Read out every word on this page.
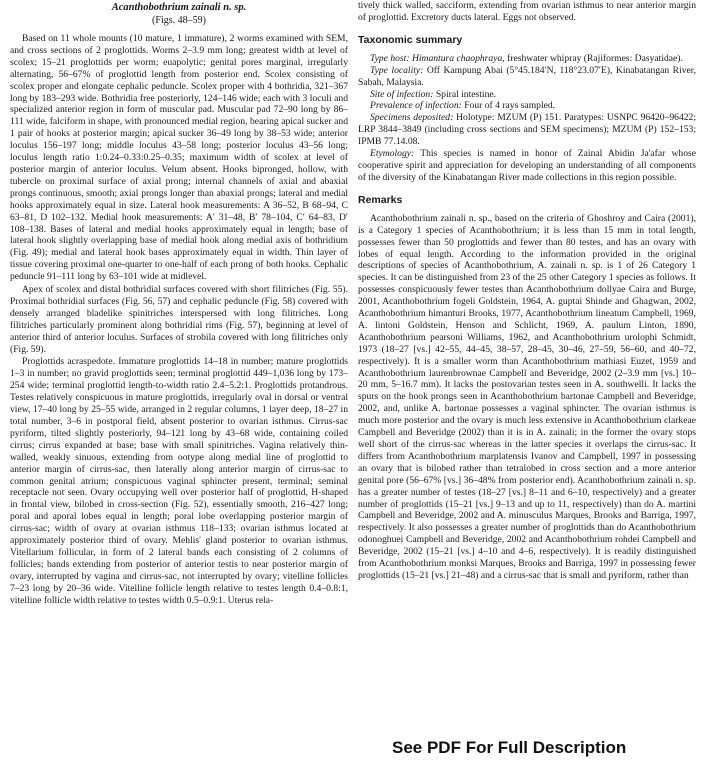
Acanthobothrium zainali n. sp.
(Figs. 48–59)

Based on 11 whole mounts (10 mature, 1 immature), 2 worms examined with SEM, and cross sections of 2 proglottids. Worms 2–3.9 mm long; greatest width at level of scolex; 15–21 proglottids per worm; euapolytic; genital pores marginal, irregularly alternating, 56–67% of proglottid length from posterior end. Scolex consisting of scolex proper and elongate cephalic peduncle. Scolex proper with 4 bothridia, 321–367 long by 183–293 wide. Bothridia free posteriorly, 124–146 wide; each with 3 loculi and specialized anterior region in form of muscular pad. Muscular pad 72–90 long by 86–111 wide, falciform in shape, with pronounced medial region, bearing apical sucker and 1 pair of hooks at posterior margin; apical sucker 36–49 long by 38–53 wide; anterior loculus 156–197 long; middle loculus 43–58 long; posterior loculus 43–56 long; loculus length ratio 1:0.24–0.33:0.25–0.35; maximum width of scolex at level of posterior margin of anterior loculus. Velum absent. Hooks bipronged, hollow, with tubercle on proximal surface of axial prong; internal channels of axial and abaxial prongs continuous, smooth; axial prongs longer than abaxial prongs; lateral and medial hooks approximately equal in size. Lateral hook measurements: A 36–52, B 68–94, C 63–81, D 102–132. Medial hook measurements: A′ 31–48, B′ 78–104, C′ 64–83, D′ 108–138. Bases of lateral and medial hooks approximately equal in length; base of lateral hook slightly overlapping base of medial hook along medial axis of bothridium (Fig. 49); medial and lateral hook bases approximately equal in width. Thin layer of tissue covering proximal one-quarter to one-half of each prong of both hooks. Cephalic peduncle 91–111 long by 63–101 wide at midlevel.

Apex of scolex and distal bothridial surfaces covered with short filitriches (Fig. 55). Proximal bothridial surfaces (Fig. 56, 57) and cephalic peduncle (Fig. 58) covered with densely arranged bladelike spinitriches interspersed with long filitriches. Long filitriches particularly prominent along bothridial rims (Fig. 57), beginning at level of anterior third of anterior loculus. Surfaces of strobila covered with long filitriches only (Fig. 59).

Proglottids acraspedote. Immature proglottids 14–18 in number; mature proglottids 1–3 in number; no gravid proglottids seen; terminal proglottid 449–1,036 long by 173–254 wide; terminal proglottid length-to-width ratio 2.4–5.2:1. Proglottids protandrous. Testes relatively conspicuous in mature proglottids, irregularly oval in dorsal or ventral view, 17–40 long by 25–55 wide, arranged in 2 regular columns, 1 layer deep, 18–27 in total number, 3–6 in postporal field, absent posterior to ovarian isthmus. Cirrus-sac pyriform, tilted slightly posteriorly, 94–121 long by 43–68 wide, containing coiled cirrus; cirrus expanded at base; base with small spinitriches. Vagina relatively thin-walled, weakly sinuous, extending from ootype along medial line of proglottid to anterior margin of cirrus-sac, then laterally along anterior margin of cirrus-sac to common genital atrium; conspicuous vaginal sphincter present, terminal; seminal receptacle not seen. Ovary occupying well over posterior half of proglottid, H-shaped in frontal view, bilobed in cross-section (Fig. 52), essentially smooth, 216–427 long; poral and aporal lobes equal in length; poral lobe overlapping posterior margin of cirrus-sac; width of ovary at ovarian isthmus 118–133; ovarian isthmus located at approximately posterior third of ovary. Mehlis' gland posterior to ovarian isthmus. Vitellarium follicular, in form of 2 lateral bands each consisting of 2 columns of follicles; bands extending from posterior of anterior testis to near posterior margin of ovary, interrupted by vagina and cirrus-sac, not interrupted by ovary; vitelline follicles 7–23 long by 20–36 wide. Vitelline follicle length relative to testes length 0.4–0.8:1, vitelline follicle width relative to testes width 0.5–0.9:1. Uterus rela-

tively thick walled, sacciform, extending from ovarian isthmus to near anterior margin of proglottid. Excretory ducts lateral. Eggs not observed.

Taxonomic summary

Type host: Himantura chaophraya, freshwater whipray (Rajiformes: Dasyatidae).

Type locality: Off Kampung Abai (5°45.184′N, 118°23.07′E), Kinabatangan River, Sabah, Malaysia.

Site of infection: Spiral intestine.

Prevalence of infection: Four of 4 rays sampled.

Specimens deposited: Holotype: MZUM (P) 151. Paratypes: USNPC 96420–96422; LRP 3844–3849 (including cross sections and SEM specimens); MZUM (P) 152–153; IPMB 77.14.08.

Etymology: This species is named in honor of Zainal Abidin Ja'afar whose cooperative spirit and appreciation for developing an understanding of all components of the diversity of the Kinabatangan River made collections in this region possible.

Remarks

Acanthobothrium zainali n. sp., based on the criteria of Ghoshroy and Caira (2001), is a Category 1 species of Acanthobothrium; it is less than 15 mm in total length, possesses fewer than 50 proglottids and fewer than 80 testes, and has an ovary with lobes of equal length. According to the information provided in the original descriptions of species of Acanthobothrium, A. zainali n. sp. is 1 of 26 Category 1 species. It can be distinguished from 23 of the 25 other Category 1 species as follows. It possesses conspicuously fewer testes than Acanthobothrium dollyae Caira and Burge, 2001, Acanthobothrium fogeli Goldstein, 1964, A. guptai Shinde and Ghagwan, 2002, Acanthobothrium himanturi Brooks, 1977, Acanthobothrium lineatum Campbell, 1969, A. lintoni Goldstein, Henson and Schlicht, 1969, A. paulum Linton, 1890, Acanthobothrium pearsoni Williams, 1962, and Acanthobothrium urolophi Schmidt, 1973 (18–27 [vs.] 42–55, 44–45, 38–57, 28–45, 30–46, 27–59, 56–60, and 40–72, respectively). It is a smaller worm than Acanthobothrium mathiasi Euzet, 1959 and Acanthobothrium laurenbrownae Campbell and Beveridge, 2002 (2–3.9 mm [vs.] 10–20 mm, 5–16.7 mm). It lacks the postovarian testes seen in A. southwelli. It lacks the spurs on the hook prongs seen in Acanthobothrium bartonae Campbell and Beveridge, 2002, and, unlike A. bartonae possesses a vaginal sphincter. The ovarian isthmus is much more posterior and the ovary is much less extensive in Acanthobothrium clarkeae Campbell and Beveridge (2002) than it is in A. zainali; in the former the ovary stops well short of the cirrus-sac whereas in the latter species it overlaps the cirrus-sac. It differs from Acanthobothrium marplatensis Ivanov and Campbell, 1997 in possessing an ovary that is bilobed rather than tetralobed in cross section and a more anterior genital pore (56–67% [vs.] 36–48% from posterior end). Acanthobothrium zainali n. sp. has a greater number of testes (18–27 [vs.] 8–11 and 6–10, respectively) and a greater number of proglottids (15–21 [vs.] 9–13 and up to 11, respectively) than do A. martini Campbell and Beveridge, 2002 and A. minusculus Marques, Brooks and Barriga, 1997, respectively. It also possesses a greater number of proglottids than do Acanthobothrium odonoghuei Campbell and Beveridge, 2002 and Acanthobothrium rohdei Campbell and Beveridge, 2002 (15–21 [vs.] 4–10 and 4–6, respectively). It is readily distinguished from Acanthobothrium monksi Marques, Brooks and Barriga, 1997 in possessing fewer proglottids (15–21 [vs.] 21–48) and a cirrus-sac that is small and pyriform, rather than

See PDF For Full Description
